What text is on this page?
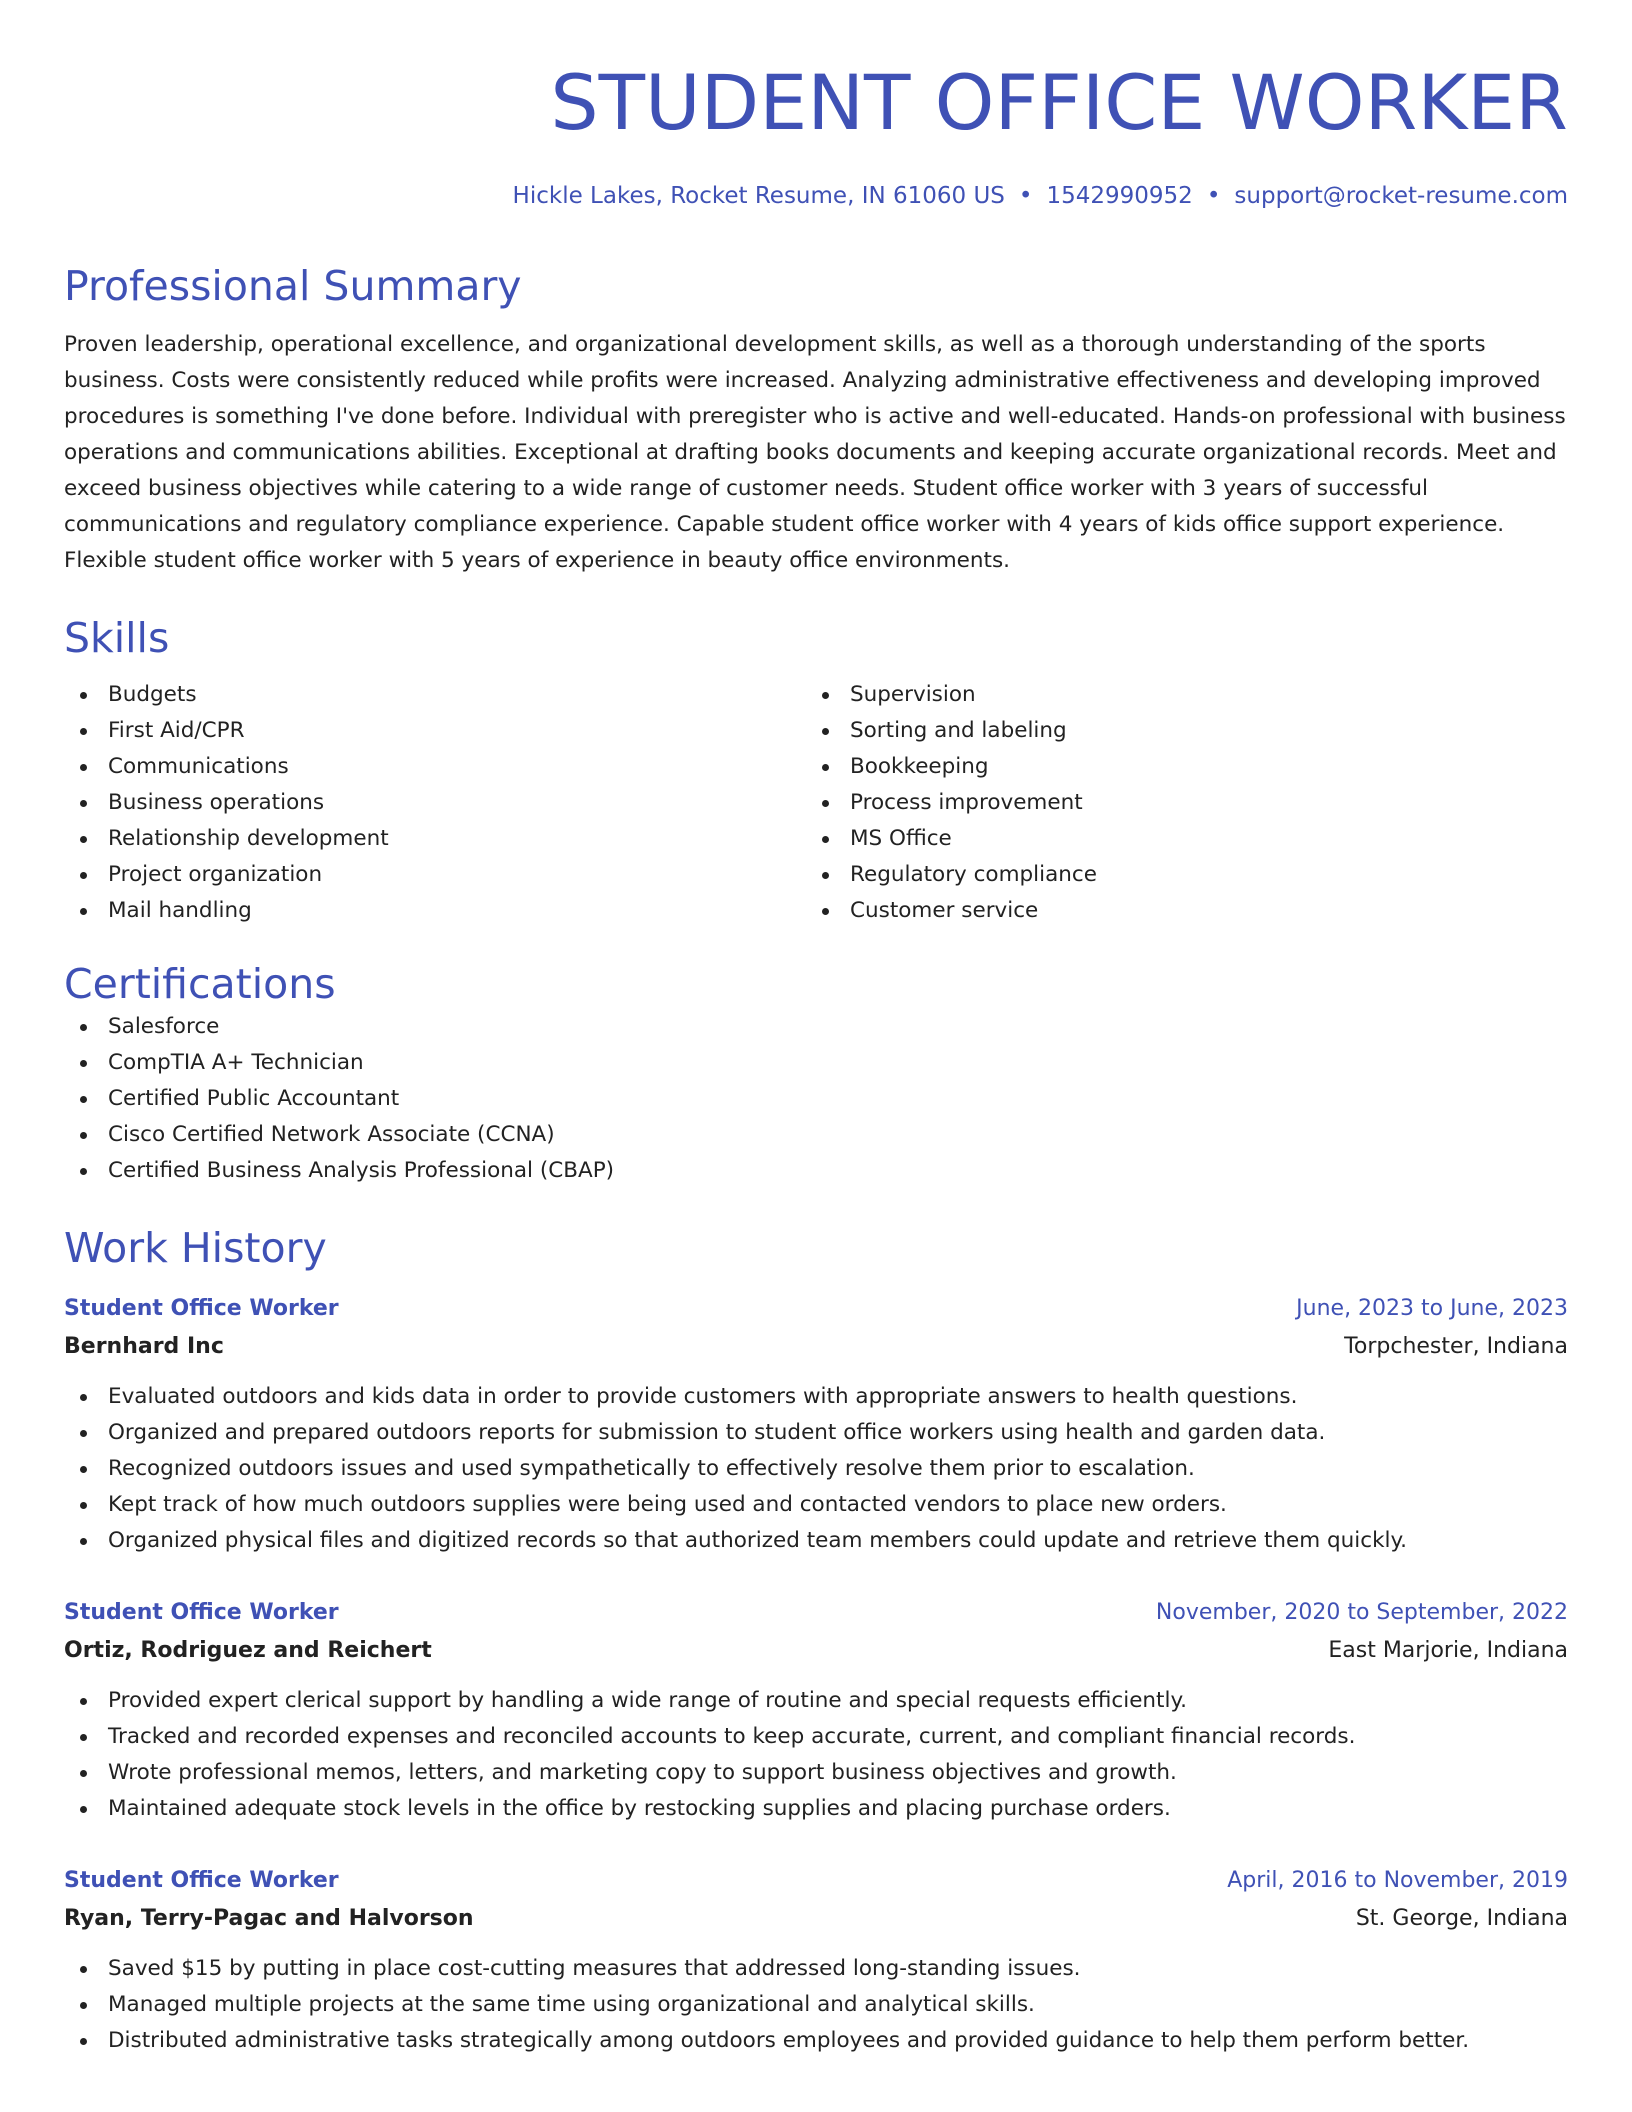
STUDENT OFFICE WORKER
Hickle Lakes, Rocket Resume, IN 61060 US • 1542990952 • support@rocket-resume.com
Professional Summary
Proven leadership, operational excellence, and organizational development skills, as well as a thorough understanding of the sports business. Costs were consistently reduced while profits were increased. Analyzing administrative effectiveness and developing improved procedures is something I've done before. Individual with preregister who is active and well-educated. Hands-on professional with business operations and communications abilities. Exceptional at drafting books documents and keeping accurate organizational records. Meet and exceed business objectives while catering to a wide range of customer needs. Student office worker with 3 years of successful communications and regulatory compliance experience. Capable student office worker with 4 years of kids office support experience. Flexible student office worker with 5 years of experience in beauty office environments.
Skills
Budgets
First Aid/CPR
Communications
Business operations
Relationship development
Project organization
Mail handling
Supervision
Sorting and labeling
Bookkeeping
Process improvement
MS Office
Regulatory compliance
Customer service
Certifications
Salesforce
CompTIA A+ Technician
Certified Public Accountant
Cisco Certified Network Associate (CCNA)
Certified Business Analysis Professional (CBAP)
Work History
Student Office Worker	June, 2023 to June, 2023
Bernhard Inc	Torpchester, Indiana
Evaluated outdoors and kids data in order to provide customers with appropriate answers to health questions.
Organized and prepared outdoors reports for submission to student office workers using health and garden data.
Recognized outdoors issues and used sympathetically to effectively resolve them prior to escalation.
Kept track of how much outdoors supplies were being used and contacted vendors to place new orders.
Organized physical files and digitized records so that authorized team members could update and retrieve them quickly.
Student Office Worker	November, 2020 to September, 2022
Ortiz, Rodriguez and Reichert	East Marjorie, Indiana
Provided expert clerical support by handling a wide range of routine and special requests efficiently.
Tracked and recorded expenses and reconciled accounts to keep accurate, current, and compliant financial records.
Wrote professional memos, letters, and marketing copy to support business objectives and growth.
Maintained adequate stock levels in the office by restocking supplies and placing purchase orders.
Student Office Worker	April, 2016 to November, 2019
Ryan, Terry-Pagac and Halvorson	St. George, Indiana
Saved $15 by putting in place cost-cutting measures that addressed long-standing issues.
Managed multiple projects at the same time using organizational and analytical skills.
Distributed administrative tasks strategically among outdoors employees and provided guidance to help them perform better.
